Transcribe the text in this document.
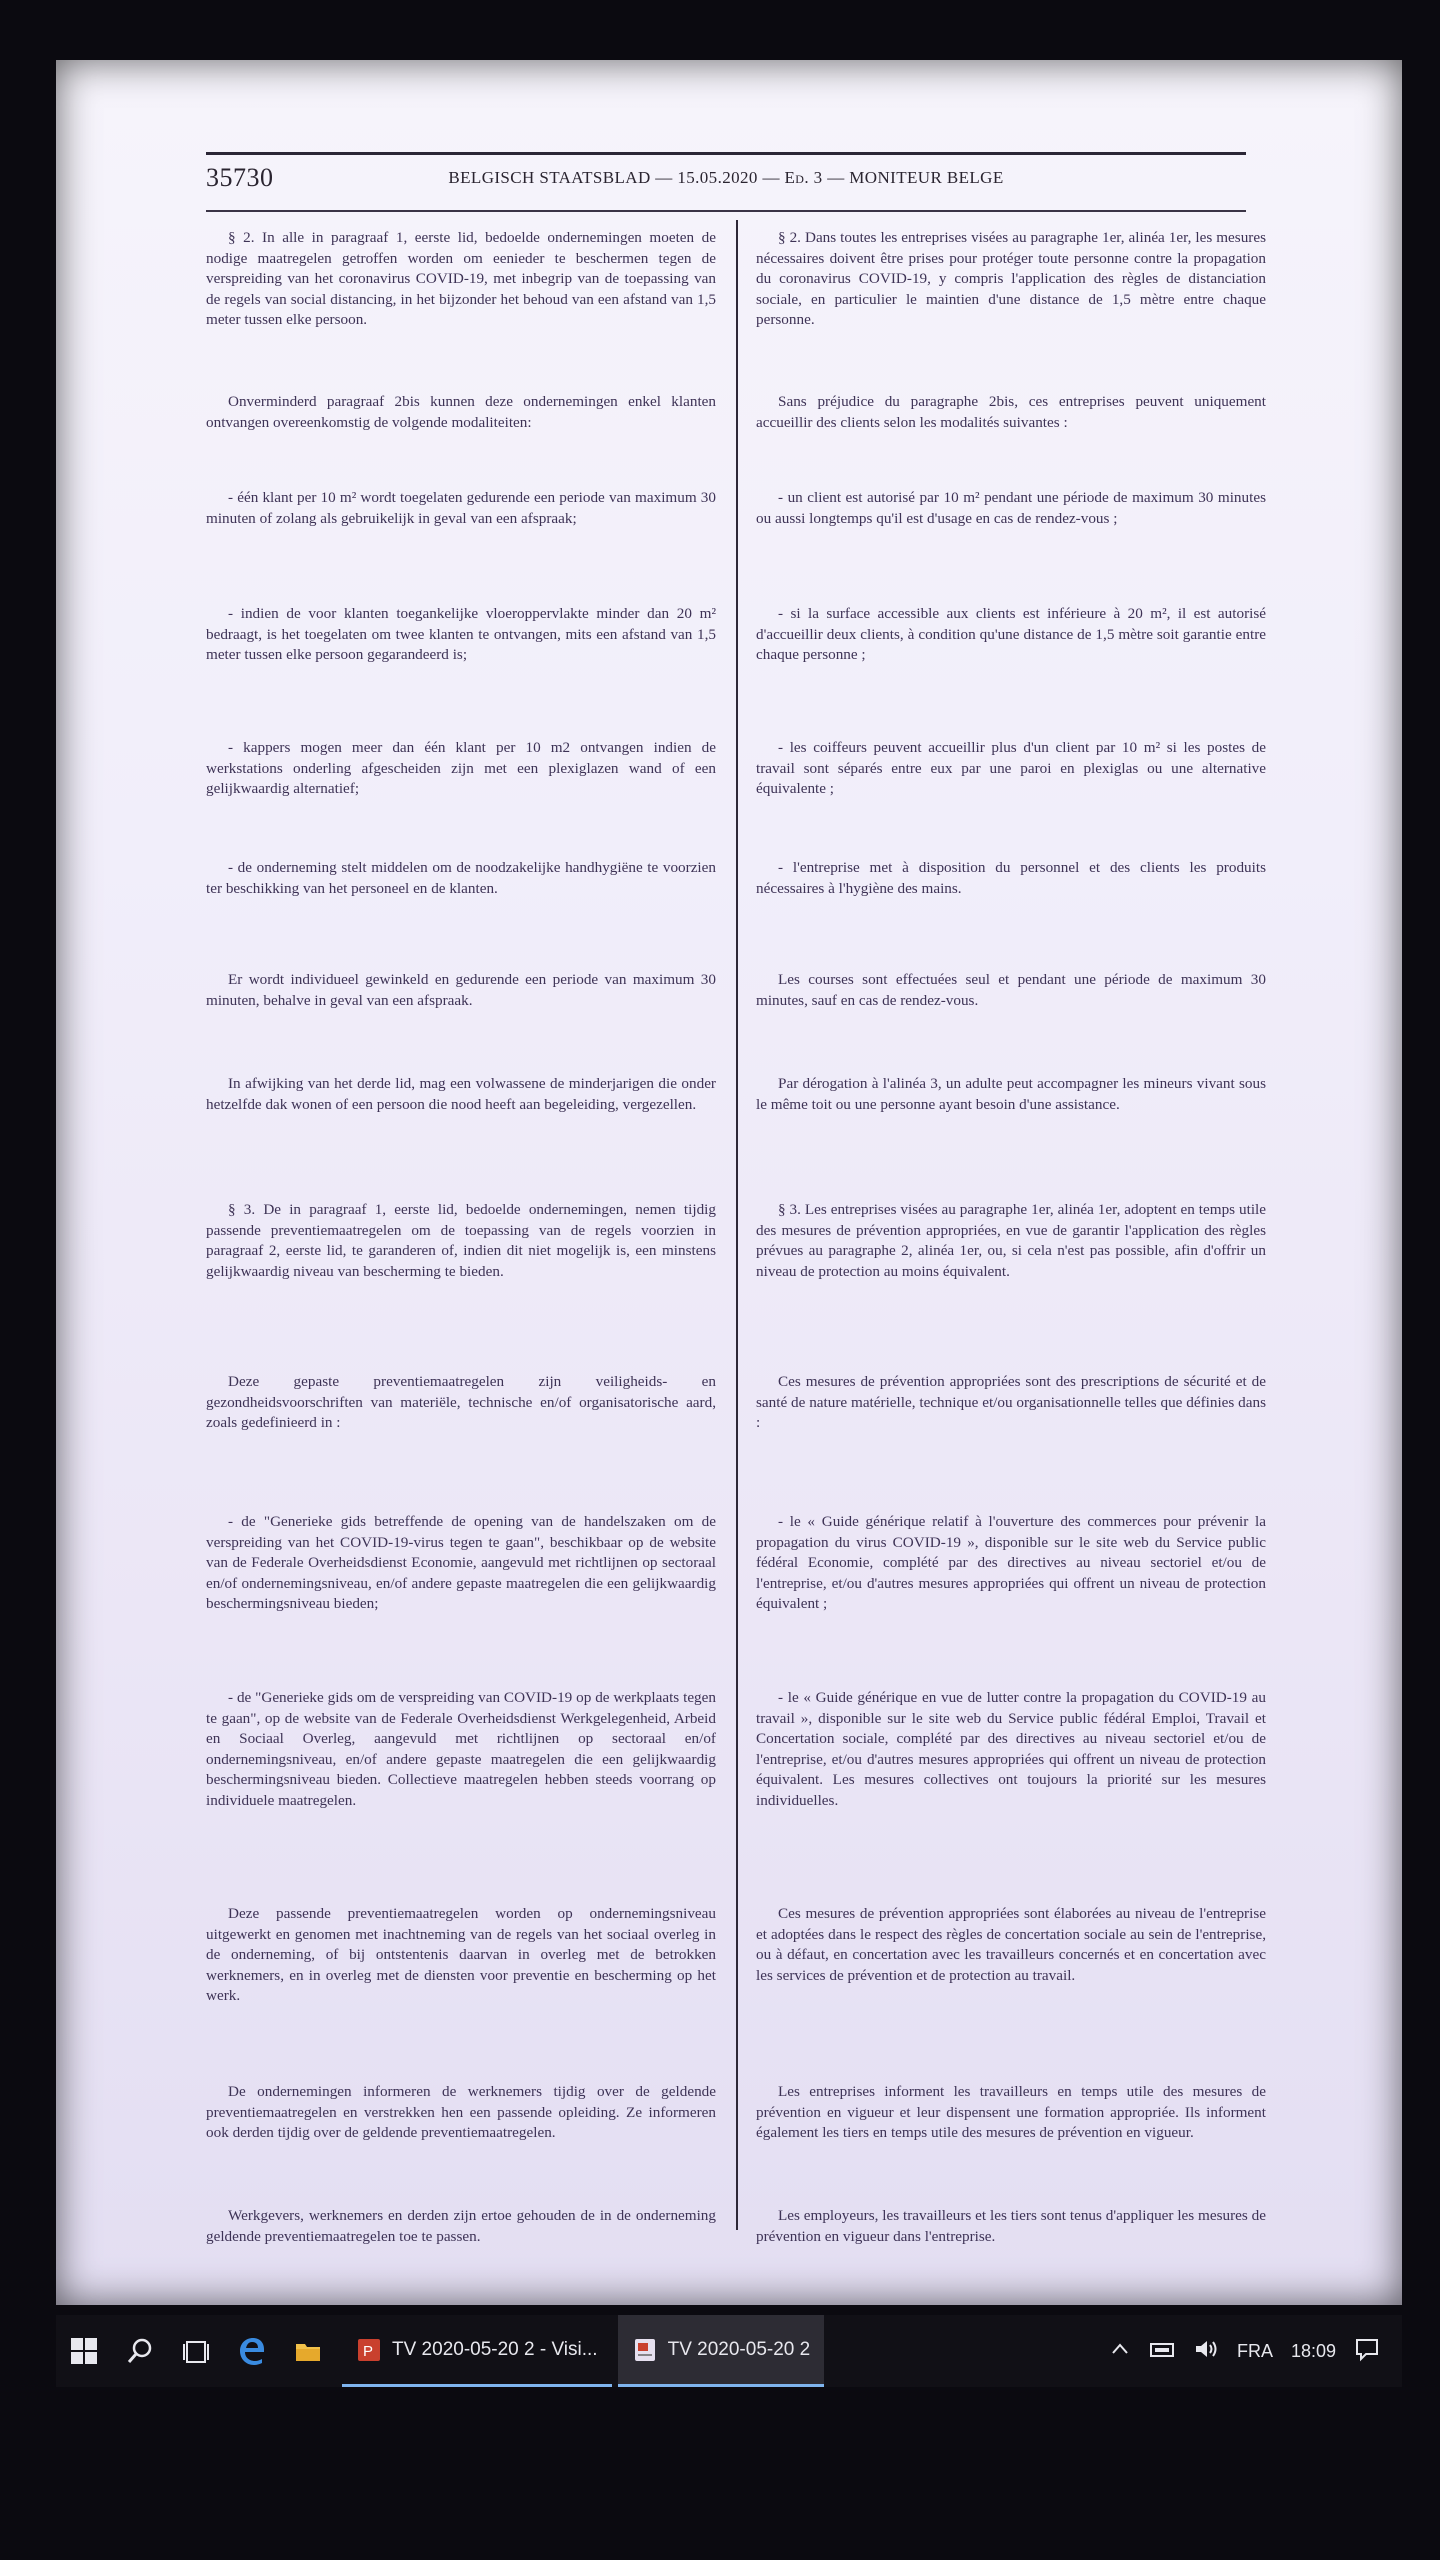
35730	BELGISCH STAATSBLAD — 15.05.2020 — Ed. 3 — MONITEUR BELGE

§ 2. In alle in paragraaf 1, eerste lid, bedoelde ondernemingen moeten de nodige maatregelen getroffen worden om eenieder te beschermen tegen de verspreiding van het coronavirus COVID-19, met inbegrip van de toepassing van de regels van social distancing, in het bijzonder het behoud van een afstand van 1,5 meter tussen elke persoon.

Onverminderd paragraaf 2bis kunnen deze ondernemingen enkel klanten ontvangen overeenkomstig de volgende modaliteiten:

- één klant per 10 m² wordt toegelaten gedurende een periode van maximum 30 minuten of zolang als gebruikelijk in geval van een afspraak;

- indien de voor klanten toegankelijke vloeroppervlakte minder dan 20 m² bedraagt, is het toegelaten om twee klanten te ontvangen, mits een afstand van 1,5 meter tussen elke persoon gegarandeerd is;

- kappers mogen meer dan één klant per 10 m2 ontvangen indien de werkstations onderling afgescheiden zijn met een plexiglazen wand of een gelijkwaardig alternatief;

- de onderneming stelt middelen om de noodzakelijke handhygiëne te voorzien ter beschikking van het personeel en de klanten.

Er wordt individueel gewinkeld en gedurende een periode van maximum 30 minuten, behalve in geval van een afspraak.

In afwijking van het derde lid, mag een volwassene de minderjarigen die onder hetzelfde dak wonen of een persoon die nood heeft aan begeleiding, vergezellen.

§ 3. De in paragraaf 1, eerste lid, bedoelde ondernemingen, nemen tijdig passende preventiemaatregelen om de toepassing van de regels voorzien in paragraaf 2, eerste lid, te garanderen of, indien dit niet mogelijk is, een minstens gelijkwaardig niveau van bescherming te bieden.

Deze gepaste preventiemaatregelen zijn veiligheids- en gezondheidsvoorschriften van materiële, technische en/of organisatorische aard, zoals gedefinieerd in :

- de "Generieke gids betreffende de opening van de handelszaken om de verspreiding van het COVID-19-virus tegen te gaan", beschikbaar op de website van de Federale Overheidsdienst Economie, aangevuld met richtlijnen op sectoraal en/of ondernemingsniveau, en/of andere gepaste maatregelen die een gelijkwaardig beschermingsniveau bieden;

- de "Generieke gids om de verspreiding van COVID-19 op de werkplaats tegen te gaan", op de website van de Federale Overheidsdienst Werkgelegenheid, Arbeid en Sociaal Overleg, aangevuld met richtlijnen op sectoraal en/of ondernemingsniveau, en/of andere gepaste maatregelen die een gelijkwaardig beschermingsniveau bieden. Collectieve maatregelen hebben steeds voorrang op individuele maatregelen.

Deze passende preventiemaatregelen worden op ondernemingsniveau uitgewerkt en genomen met inachtneming van de regels van het sociaal overleg in de onderneming, of bij ontstentenis daarvan in overleg met de betrokken werknemers, en in overleg met de diensten voor preventie en bescherming op het werk.

De ondernemingen informeren de werknemers tijdig over de geldende preventiemaatregelen en verstrekken hen een passende opleiding. Ze informeren ook derden tijdig over de geldende preventiemaatregelen.

Werkgevers, werknemers en derden zijn ertoe gehouden de in de onderneming geldende preventiemaatregelen toe te passen.

§ 2. Dans toutes les entreprises visées au paragraphe 1er, alinéa 1er, les mesures nécessaires doivent être prises pour protéger toute personne contre la propagation du coronavirus COVID-19, y compris l'application des règles de distanciation sociale, en particulier le maintien d'une distance de 1,5 mètre entre chaque personne.

Sans préjudice du paragraphe 2bis, ces entreprises peuvent uniquement accueillir des clients selon les modalités suivantes :

- un client est autorisé par 10 m² pendant une période de maximum 30 minutes ou aussi longtemps qu'il est d'usage en cas de rendez-vous ;

- si la surface accessible aux clients est inférieure à 20 m², il est autorisé d'accueillir deux clients, à condition qu'une distance de 1,5 mètre soit garantie entre chaque personne ;

- les coiffeurs peuvent accueillir plus d'un client par 10 m² si les postes de travail sont séparés entre eux par une paroi en plexiglas ou une alternative équivalente ;

- l'entreprise met à disposition du personnel et des clients les produits nécessaires à l'hygiène des mains.

Les courses sont effectuées seul et pendant une période de maximum 30 minutes, sauf en cas de rendez-vous.

Par dérogation à l'alinéa 3, un adulte peut accompagner les mineurs vivant sous le même toit ou une personne ayant besoin d'une assistance.

§ 3. Les entreprises visées au paragraphe 1er, alinéa 1er, adoptent en temps utile des mesures de prévention appropriées, en vue de garantir l'application des règles prévues au paragraphe 2, alinéa 1er, ou, si cela n'est pas possible, afin d'offrir un niveau de protection au moins équivalent.

Ces mesures de prévention appropriées sont des prescriptions de sécurité et de santé de nature matérielle, technique et/ou organisationnelle telles que définies dans :

- le « Guide générique relatif à l'ouverture des commerces pour prévenir la propagation du virus COVID-19 », disponible sur le site web du Service public fédéral Economie, complété par des directives au niveau sectoriel et/ou de l'entreprise, et/ou d'autres mesures appropriées qui offrent un niveau de protection équivalent ;

- le « Guide générique en vue de lutter contre la propagation du COVID-19 au travail », disponible sur le site web du Service public fédéral Emploi, Travail et Concertation sociale, complété par des directives au niveau sectoriel et/ou de l'entreprise, et/ou d'autres mesures appropriées qui offrent un niveau de protection équivalent. Les mesures collectives ont toujours la priorité sur les mesures individuelles.

Ces mesures de prévention appropriées sont élaborées au niveau de l'entreprise et adoptées dans le respect des règles de concertation sociale au sein de l'entreprise, ou à défaut, en concertation avec les travailleurs concernés et en concertation avec les services de prévention et de protection au travail.

Les entreprises informent les travailleurs en temps utile des mesures de prévention en vigueur et leur dispensent une formation appropriée. Ils informent également les tiers en temps utile des mesures de prévention en vigueur.

Les employeurs, les travailleurs et les tiers sont tenus d'appliquer les mesures de prévention en vigueur dans l'entreprise.

P TV 2020-05-20 2 - Visi...	TV 2020-05-20 2	FRA 18:09
